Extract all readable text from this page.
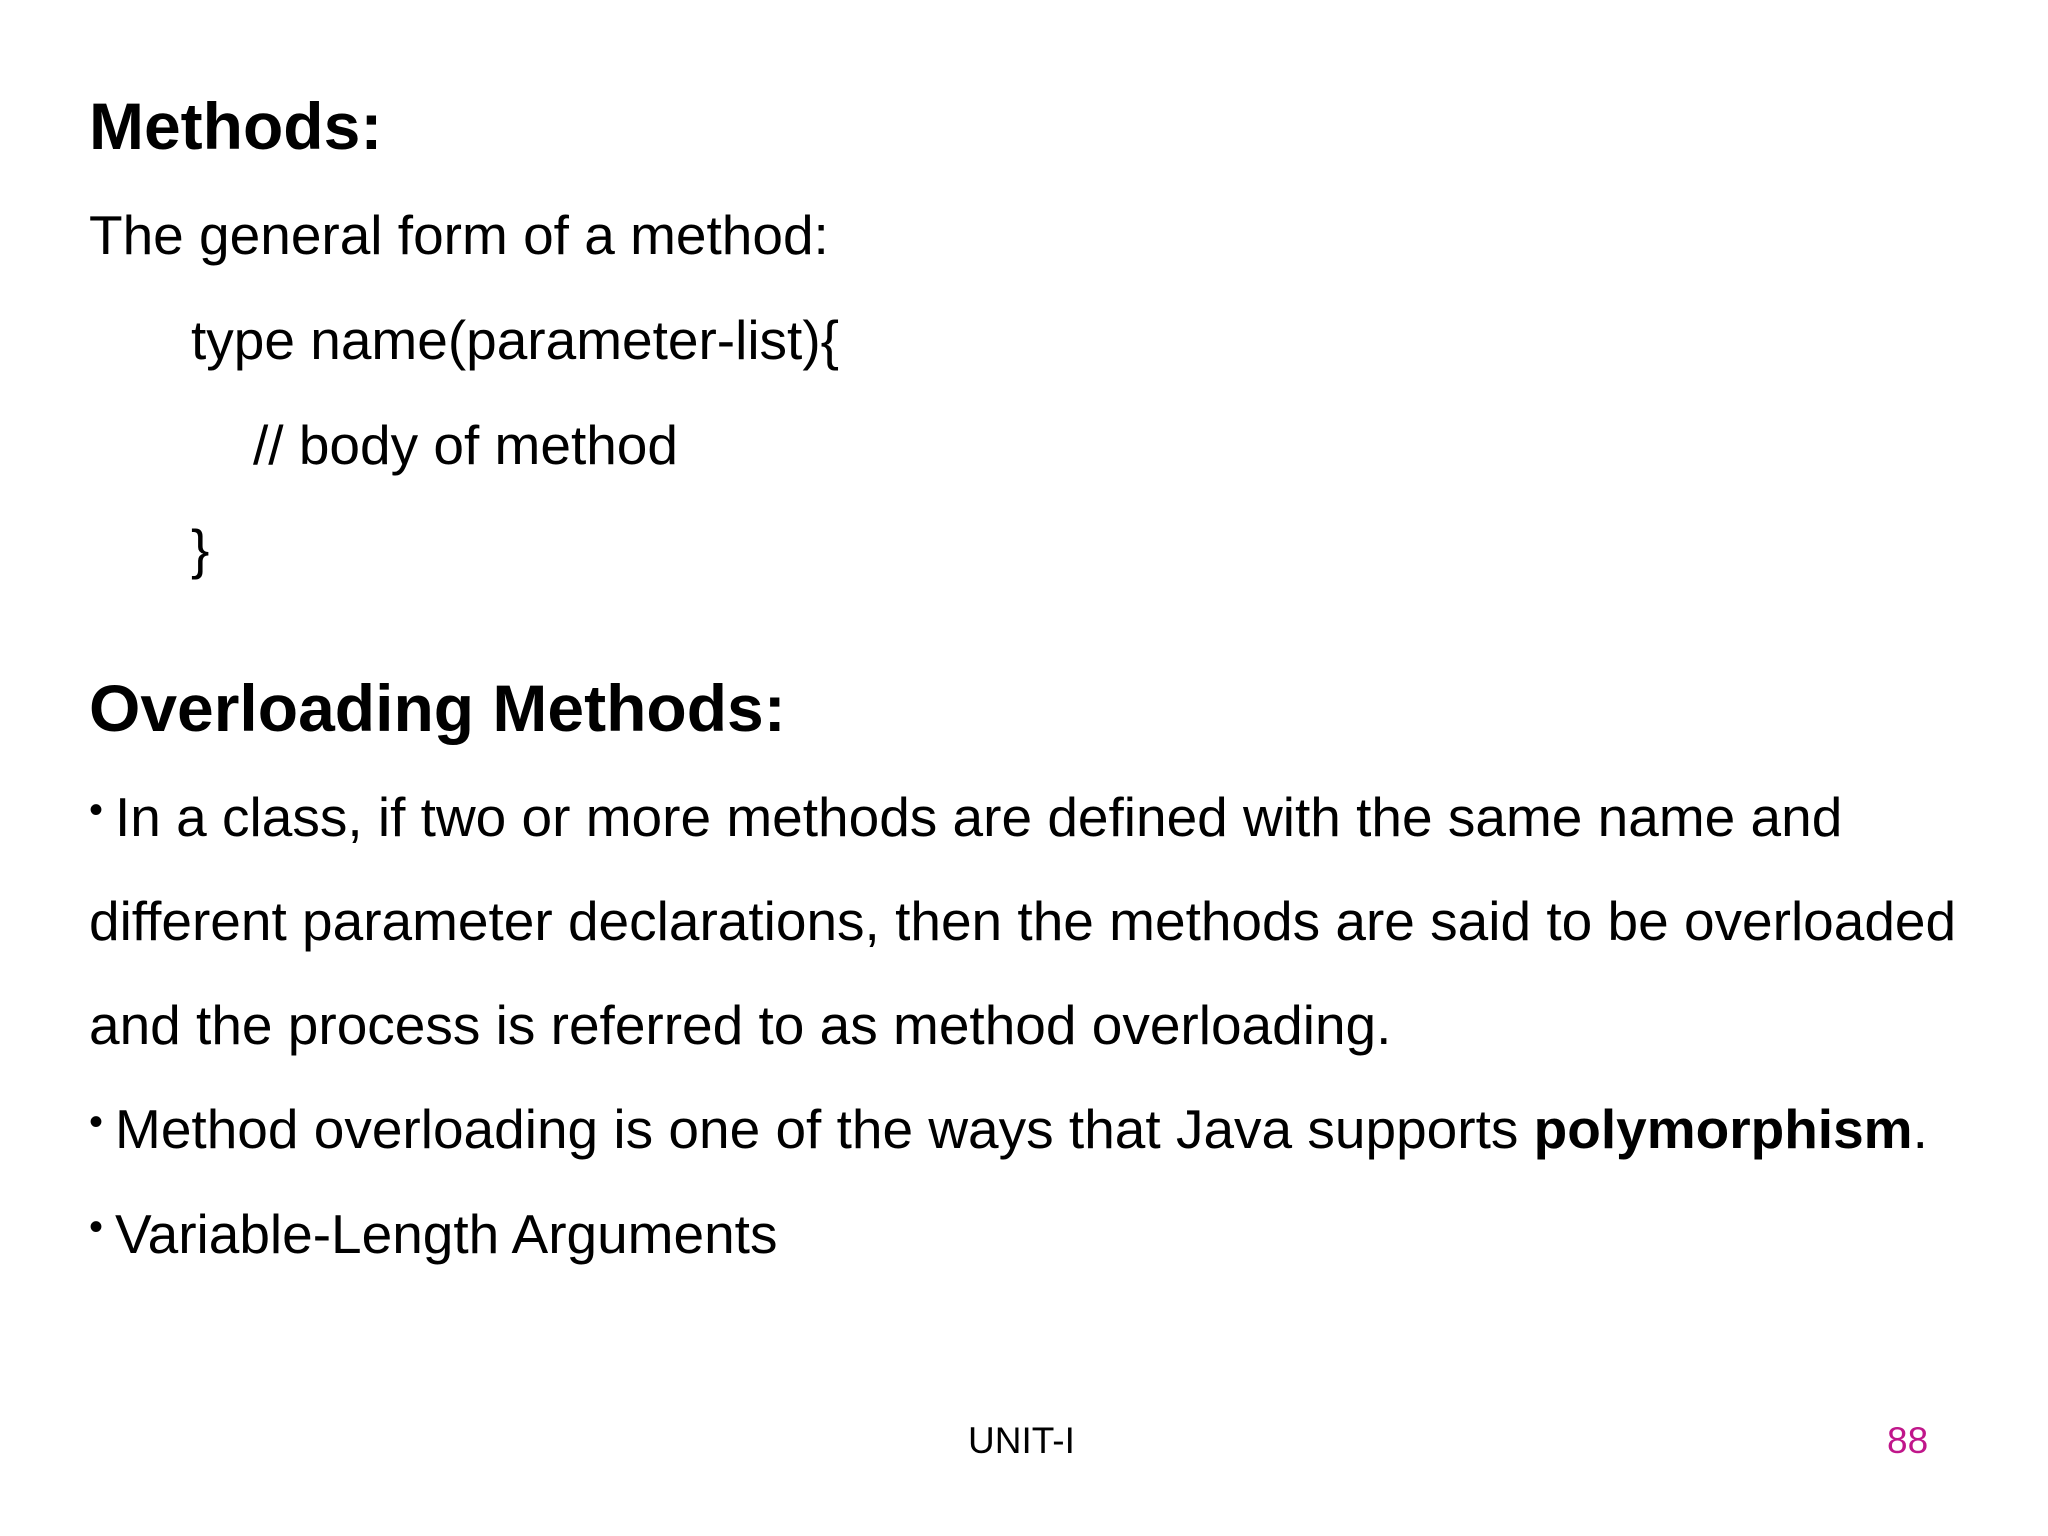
Methods:
The general form of a method:
type name(parameter-list){
// body of method
}
Overloading Methods:
• In a class, if two or more methods are defined with the same name and
different parameter declarations, then the methods are said to be overloaded
and the process is referred to as method overloading.
• Method overloading is one of the ways that Java supports polymorphism.
• Variable-Length Arguments
UNIT-I	88
